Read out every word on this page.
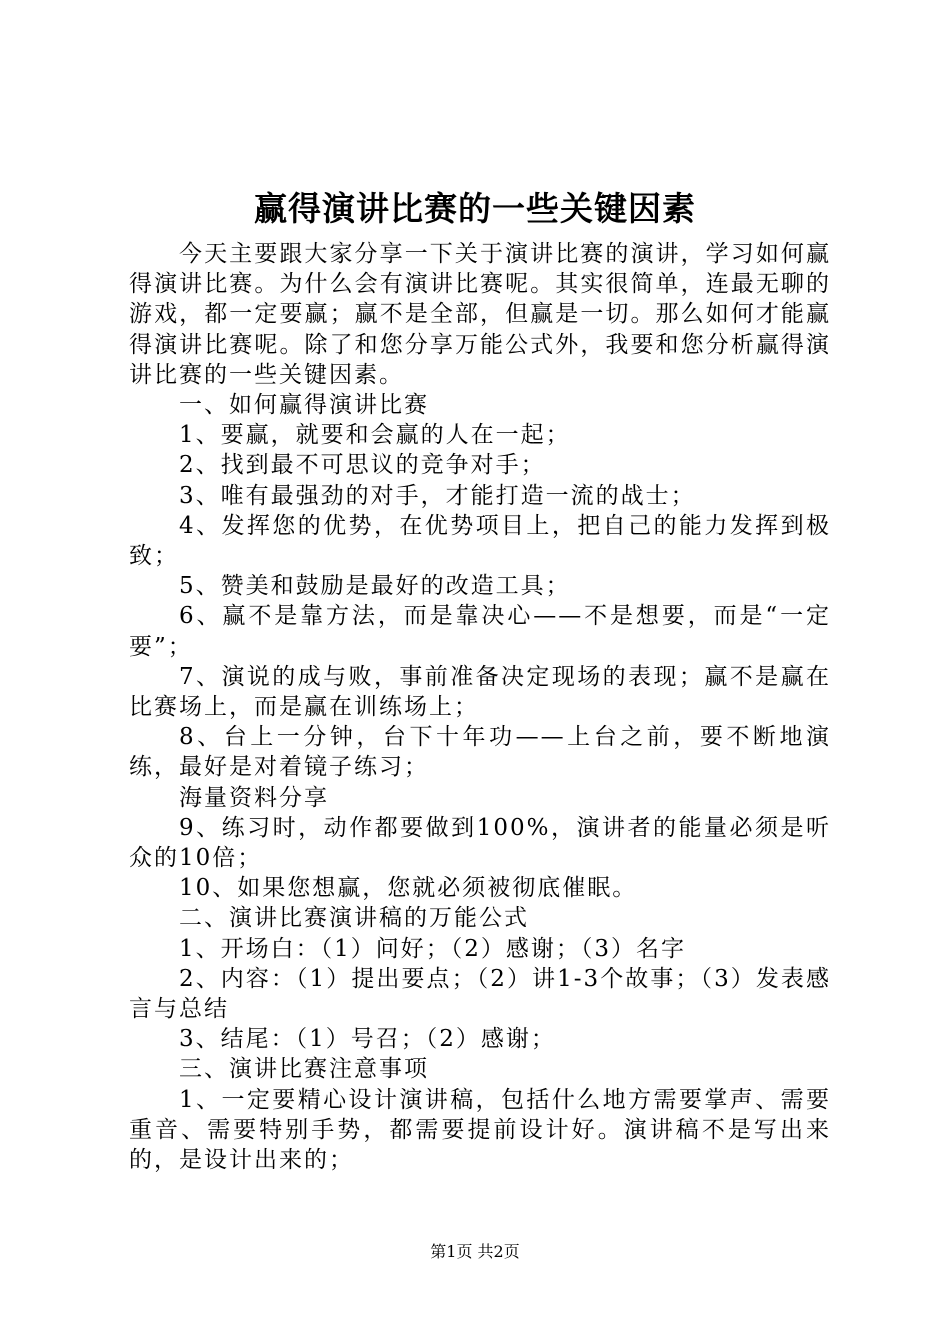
赢得演讲比赛的一些关键因素

今天主要跟大家分享一下关于演讲比赛的演讲，学习如何赢得演讲比赛。为什么会有演讲比赛呢。其实很简单，连最无聊的游戏，都一定要赢；赢不是全部，但赢是一切。那么如何才能赢得演讲比赛呢。除了和您分享万能公式外，我要和您分析赢得演讲比赛的一些关键因素。

一、如何赢得演讲比赛

1、要赢，就要和会赢的人在一起；

2、找到最不可思议的竞争对手；

3、唯有最强劲的对手，才能打造一流的战士；

4、发挥您的优势，在优势项目上，把自己的能力发挥到极致；

5、赞美和鼓励是最好的改造工具；

6、赢不是靠方法，而是靠决心——不是想要，而是“一定要”；

7、演说的成与败，事前准备决定现场的表现；赢不是赢在比赛场上，而是赢在训练场上；

8、台上一分钟，台下十年功——上台之前，要不断地演练，最好是对着镜子练习；

海量资料分享

9、练习时，动作都要做到100%，演讲者的能量必须是听众的10倍；

10、如果您想赢，您就必须被彻底催眠。

二、演讲比赛演讲稿的万能公式

1、开场白：（1）问好；（2）感谢；（3）名字

2、内容：（1）提出要点；（2）讲1-3个故事；（3）发表感言与总结

3、结尾：（1）号召；（2）感谢；

三、演讲比赛注意事项

1、一定要精心设计演讲稿，包括什么地方需要掌声、需要重音、需要特别手势，都需要提前设计好。演讲稿不是写出来的，是设计出来的；

第1页 共2页
